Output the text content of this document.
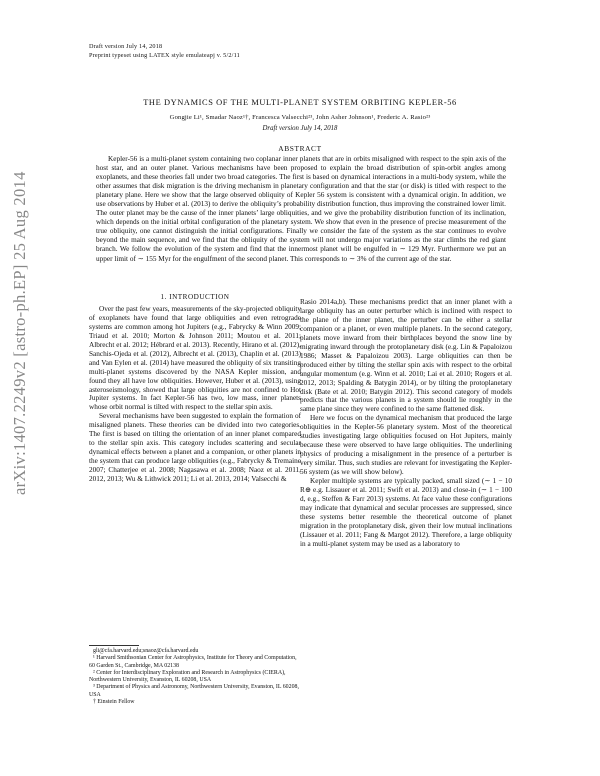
Draft version July 14, 2018
Preprint typeset using LATEX style emulateapj v. 5/2/11
arXiv:1407.2249v2 [astro-ph.EP] 25 Aug 2014
THE DYNAMICS OF THE MULTI-PLANET SYSTEM ORBITING KEPLER-56
Gongjie Li¹, Smadar Naoz¹†, Francesca Valsecchi²³, John Asher Johnson¹, Frederic A. Rasio²³
Draft version July 14, 2018
ABSTRACT

Kepler-56 is a multi-planet system containing two coplanar inner planets that are in orbits misaligned with respect to the spin axis of the host star, and an outer planet. Various mechanisms have been proposed to explain the broad distribution of spin-orbit angles among exoplanets, and these theories fall under two broad categories. The first is based on dynamical interactions in a multi-body system, while the other assumes that disk migration is the driving mechanism in planetary configuration and that the star (or disk) is titled with respect to the planetary plane. Here we show that the large observed obliquity of Kepler 56 system is consistent with a dynamical origin. In addition, we use observations by Huber et al. (2013) to derive the obliquity’s probability distribution function, thus improving the constrained lower limit. The outer planet may be the cause of the inner planets’ large obliquities, and we give the probability distribution function of its inclination, which depends on the initial orbital configuration of the planetary system. We show that even in the presence of precise measurement of the true obliquity, one cannot distinguish the initial configurations. Finally we consider the fate of the system as the star continues to evolve beyond the main sequence, and we find that the obliquity of the system will not undergo major variations as the star climbs the red giant branch. We follow the evolution of the system and find that the innermost planet will be engulfed in ∼ 129 Myr. Furthermore we put an upper limit of ∼ 155 Myr for the engulfment of the second planet. This corresponds to ∼ 3% of the current age of the star.

1. INTRODUCTION

Over the past few years, measurements of the sky-projected obliquity of exoplanets have found that large obliquities and even retrograde systems are common among hot Jupiters (e.g., Fabrycky & Winn 2009; Triaud et al. 2010; Morton & Johnson 2011; Moutou et al. 2011; Albrecht et al. 2012; Hébrard et al. 2013). Recently, Hirano et al. (2012), Sanchis-Ojeda et al. (2012), Albrecht et al. (2013), Chaplin et al. (2013) and Van Eylen et al. (2014) have measured the obliquity of six transiting multi-planet systems discovered by the NASA Kepler mission, and found they all have low obliquities. However, Huber et al. (2013), using asteroseismology, showed that large obliquities are not confined to Hot Jupiter systems. In fact Kepler-56 has two, low mass, inner planets whose orbit normal is tilted with respect to the stellar spin axis.

Several mechanisms have been suggested to explain the formation of misaligned planets. These theories can be divided into two categories. The first is based on tilting the orientation of an inner planet compared to the stellar spin axis. This category includes scattering and secular dynamical effects between a planet and a companion, or other planets in the system that can produce large obliquities (e.g., Fabrycky & Tremaine 2007; Chatterjee et al. 2008; Nagasawa et al. 2008; Naoz et al. 2011, 2012, 2013; Wu & Lithwick 2011; Li et al. 2013, 2014; Valsecchi &

Rasio 2014a,b). These mechanisms predict that an inner planet with a large obliquity has an outer perturber which is inclined with respect to the plane of the inner planet, the perturber can be either a stellar companion or a planet, or even multiple planets. In the second category, planets move inward from their birthplaces beyond the snow line by migrating inward through the protoplanetary disk (e.g. Lin & Papaloizou 1986; Masset & Papaloizou 2003). Large obliquities can then be produced either by tilting the stellar spin axis with respect to the orbital angular momentum (e.g. Winn et al. 2010; Lai et al. 2010; Rogers et al. 2012, 2013; Spalding & Batygin 2014), or by tilting the protoplanetary disk (Bate et al. 2010; Batygin 2012). This second category of models predicts that the various planets in a system should lie roughly in the same plane since they were confined to the same flattened disk.

Here we focus on the dynamical mechanism that produced the large obliquities in the Kepler-56 planetary system. Most of the theoretical studies investigating large obliquities focused on Hot Jupiters, mainly because these were observed to have large obliquities. The underlining physics of producing a misalignment in the presence of a perturber is very similar. Thus, such studies are relevant for investigating the Kepler-56 system (as we will show below).

Kepler multiple systems are typically packed, small sized (∼ 1 − 10 R⊕ e.g. Lissauer et al. 2011; Swift et al. 2013) and close-in (∼ 1 − 100 d, e.g., Steffen & Farr 2013) systems. At face value these configurations may indicate that dynamical and secular processes are suppressed, since these systems better resemble the theoretical outcome of planet migration in the protoplanetary disk, given their low mutual inclinations (Lissauer et al. 2011; Fang & Margot 2012). Therefore, a large obliquity in a multi-planet system may be used as a laboratory to

gli@cfa.harvard.edu;snaoz@cfa.harvard.edu

¹ Harvard Smithsonian Center for Astrophysics, Institute for Theory and Computation, 60 Garden St., Cambridge, MA 02138

² Center for Interdisciplinary Exploration and Research in Astrophysics (CIERA), Northwestern University, Evanston, IL 60208, USA

³ Department of Physics and Astronomy, Northwestern University, Evanston, IL 60208, USA

† Einstein Fellow
